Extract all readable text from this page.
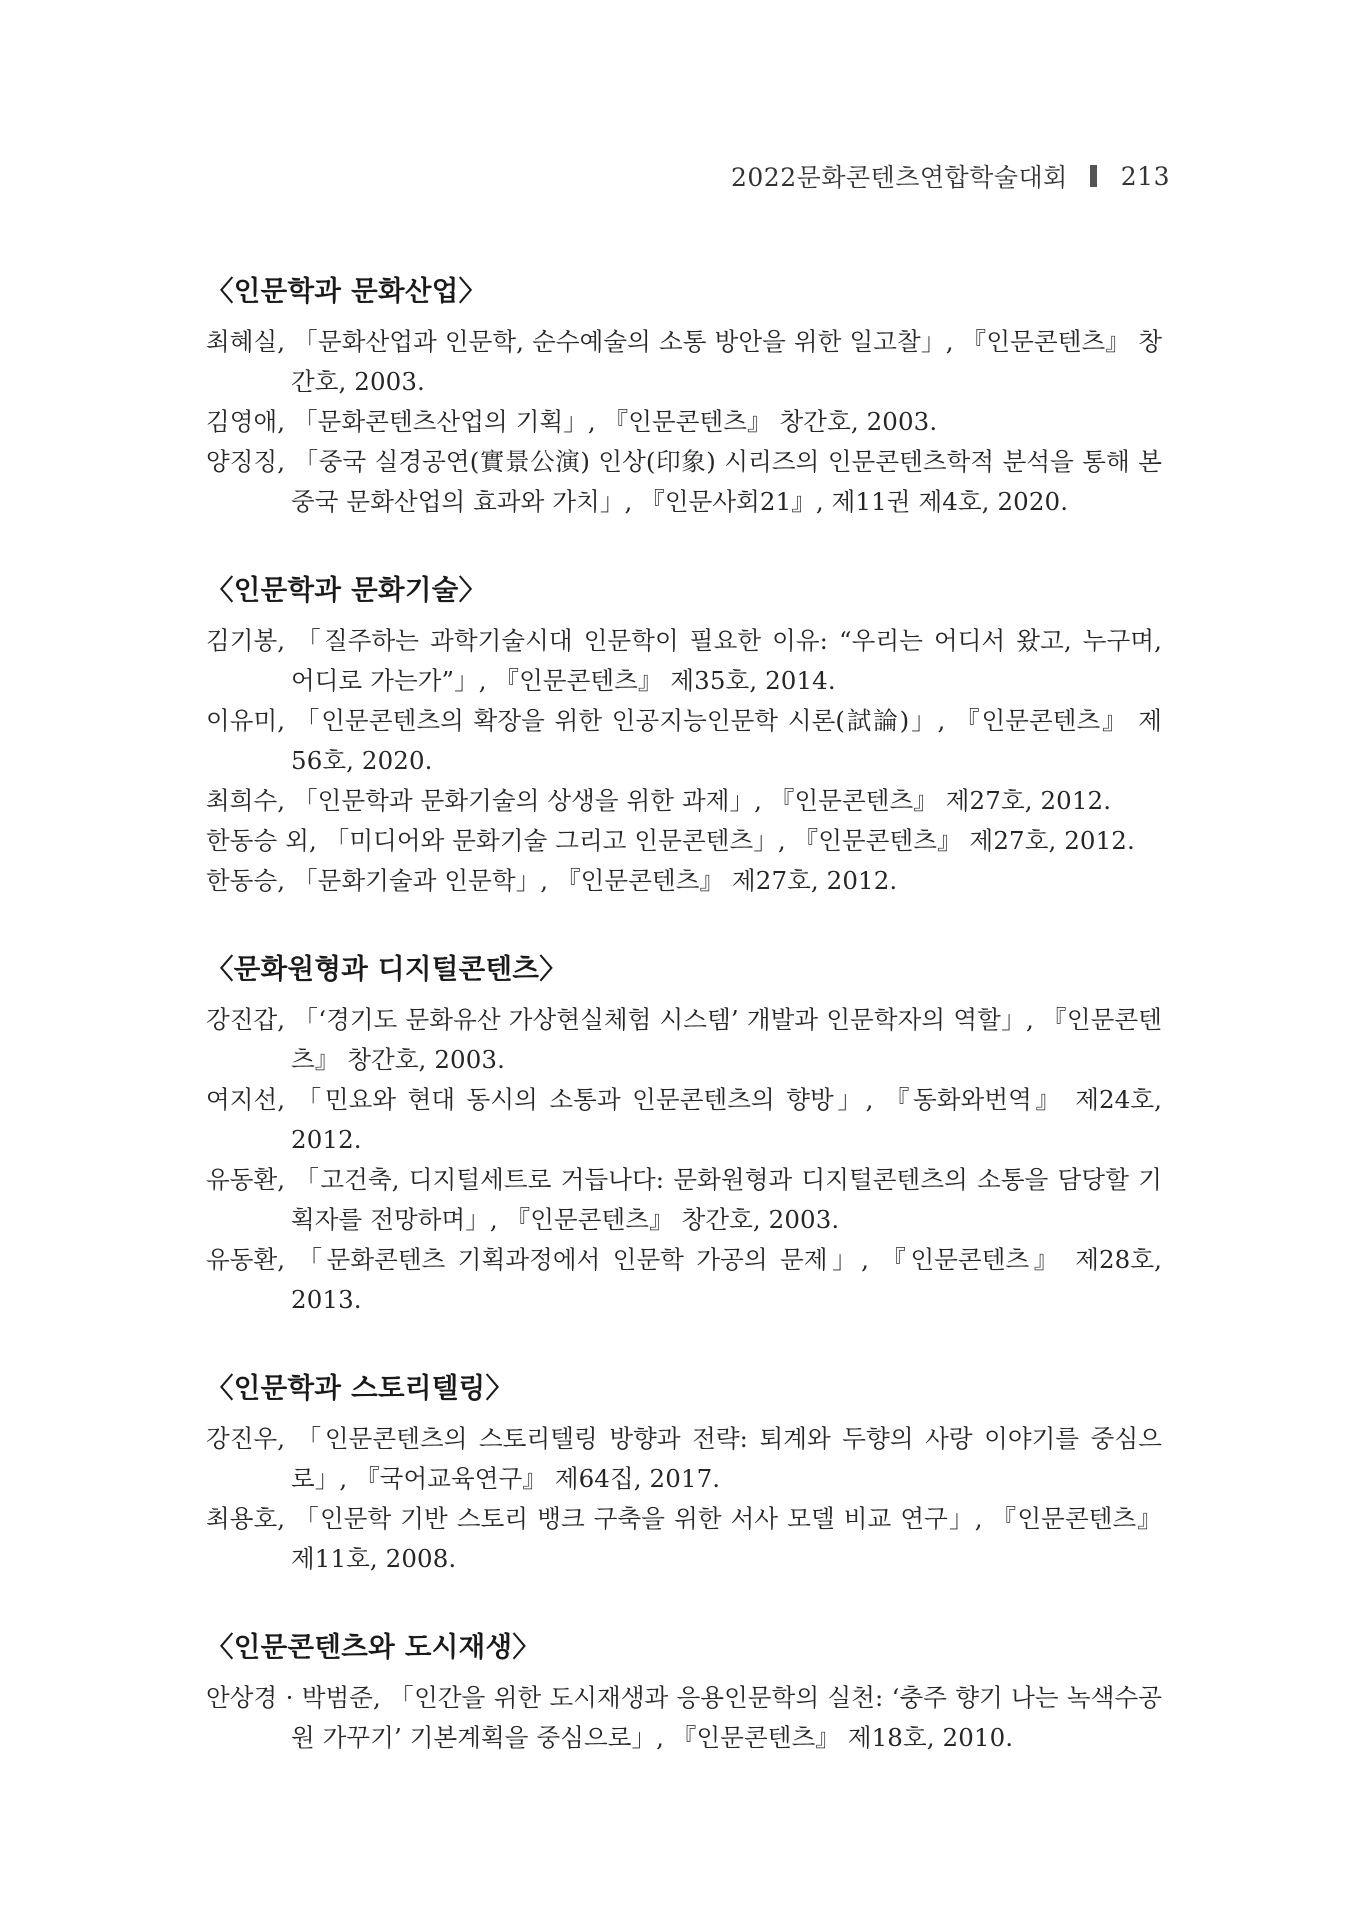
2022문화콘텐츠연합학술대회 213
〈인문학과 문화산업〉
최혜실, 「문화산업과 인문학, 순수예술의 소통 방안을 위한 일고찰」, 『인문콘텐츠』 창간호, 2003.
김영애, 「문화콘텐츠산업의 기획」, 『인문콘텐츠』 창간호, 2003.
양징징, 「중국 실경공연(實景公演) 인상(印象) 시리즈의 인문콘텐츠학적 분석을 통해 본 중국 문화산업의 효과와 가치」, 『인문사회21』, 제11권 제4호, 2020.
〈인문학과 문화기술〉
김기봉, 「질주하는 과학기술시대 인문학이 필요한 이유: “우리는 어디서 왔고, 누구며, 어디로 가는가”」, 『인문콘텐츠』 제35호, 2014.
이유미, 「인문콘텐츠의 확장을 위한 인공지능인문학 시론(試論)」, 『인문콘텐츠』 제56호, 2020.
최희수, 「인문학과 문화기술의 상생을 위한 과제」, 『인문콘텐츠』 제27호, 2012.
한동승 외, 「미디어와 문화기술 그리고 인문콘텐츠」, 『인문콘텐츠』 제27호, 2012.
한동승, 「문화기술과 인문학」, 『인문콘텐츠』 제27호, 2012.
〈문화원형과 디지털콘텐츠〉
강진갑, 「‘경기도 문화유산 가상현실체험 시스템’ 개발과 인문학자의 역할」, 『인문콘텐츠』 창간호, 2003.
여지선, 「민요와 현대 동시의 소통과 인문콘텐츠의 향방」, 『동화와번역』 제24호, 2012.
유동환, 「고건축, 디지털세트로 거듭나다: 문화원형과 디지털콘텐츠의 소통을 담당할 기획자를 전망하며」, 『인문콘텐츠』 창간호, 2003.
유동환, 「문화콘텐츠 기획과정에서 인문학 가공의 문제」, 『인문콘텐츠』 제28호, 2013.
〈인문학과 스토리텔링〉
강진우, 「인문콘텐츠의 스토리텔링 방향과 전략: 퇴계와 두향의 사랑 이야기를 중심으로」, 『국어교육연구』 제64집, 2017.
최용호, 「인문학 기반 스토리 뱅크 구축을 위한 서사 모델 비교 연구」, 『인문콘텐츠』 제11호, 2008.
〈인문콘텐츠와 도시재생〉
안상경 · 박범준, 「인간을 위한 도시재생과 응용인문학의 실천: ‘충주 향기 나는 녹색수공원 가꾸기’ 기본계획을 중심으로」, 『인문콘텐츠』 제18호, 2010.
